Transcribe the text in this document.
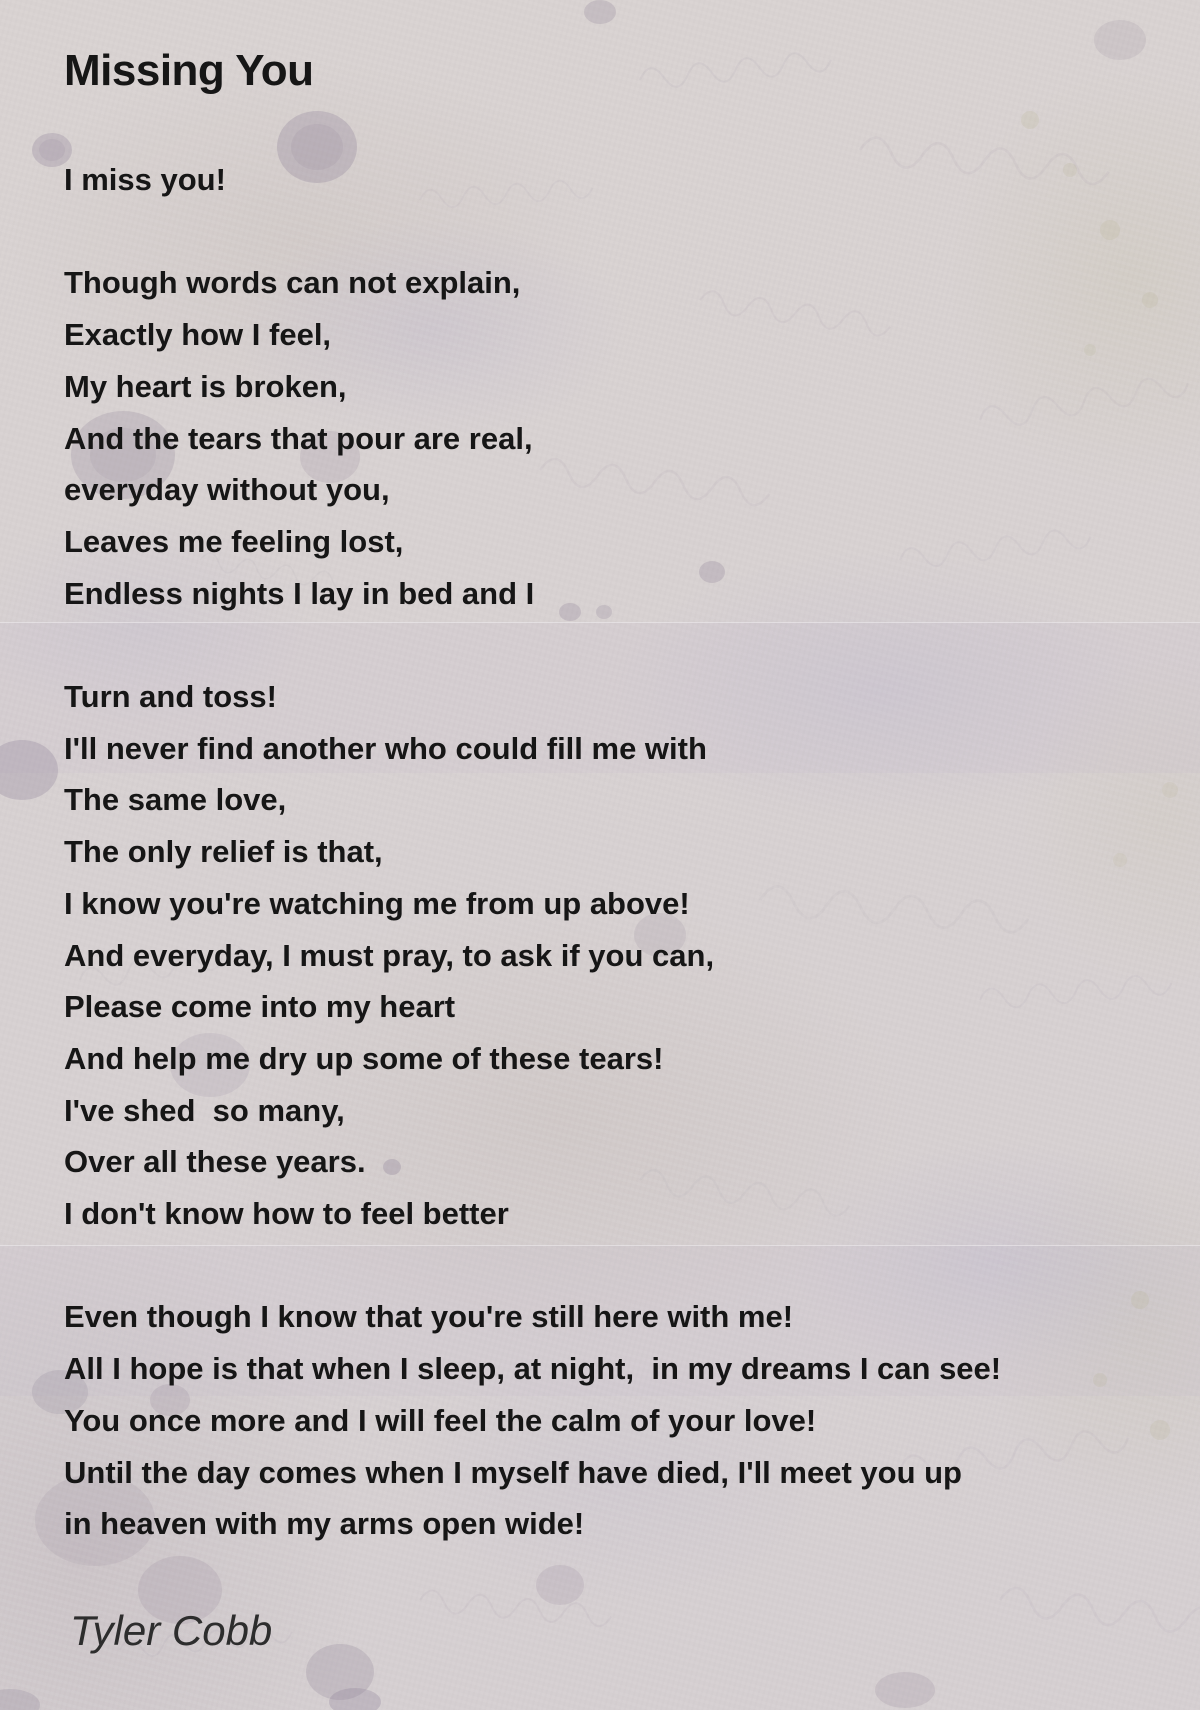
Missing You
I miss you!
Though words can not explain,
Exactly how I feel,
My heart is broken,
And the tears that pour are real,
everyday without you,
Leaves me feeling lost,
Endless nights I lay in bed and I
Turn and toss!
I'll never find another who could fill me with
The same love,
The only relief is that,
I know you're watching me from up above!
And everyday, I must pray, to ask if you can,
Please come into my heart
And help me dry up some of these tears!
I've shed  so many,
Over all these years.
I don't know how to feel better
Even though I know that you're still here with me!
All I hope is that when I sleep, at night,  in my dreams I can see!
You once more and I will feel the calm of your love!
Until the day comes when I myself have died, I'll meet you up
in heaven with my arms open wide!
Tyler Cobb
